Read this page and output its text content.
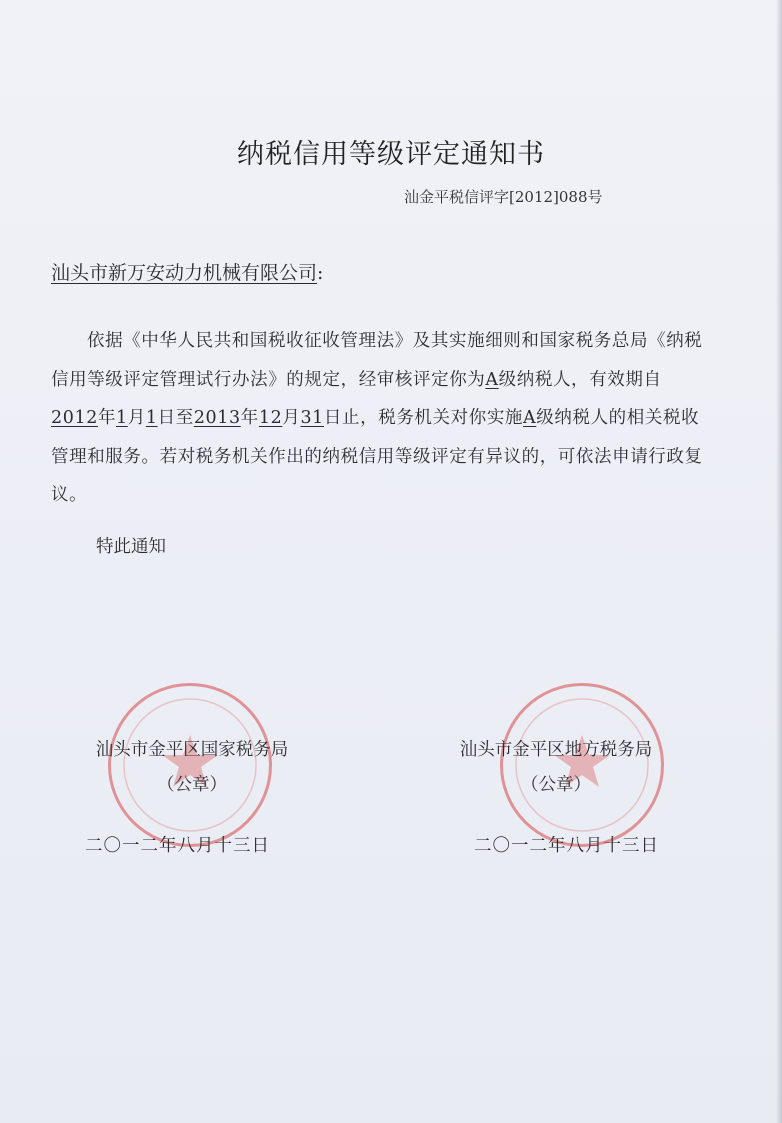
纳税信用等级评定通知书
汕金平税信评字[2012]088号
汕头市新万安动力机械有限公司:
依据《中华人民共和国税收征收管理法》及其实施细则和国家税务总局《纳税信用等级评定管理试行办法》的规定，经审核评定你为A级纳税人，有效期自2012年1月1日至2013年12月31日止，税务机关对你实施A级纳税人的相关税收管理和服务。若对税务机关作出的纳税信用等级评定有异议的，可依法申请行政复议。
特此通知
汕头市金平区国家税务局
（公章）
汕头市金平区地方税务局
（公章）
二〇一二年八月十三日	二〇一二年八月十三日
